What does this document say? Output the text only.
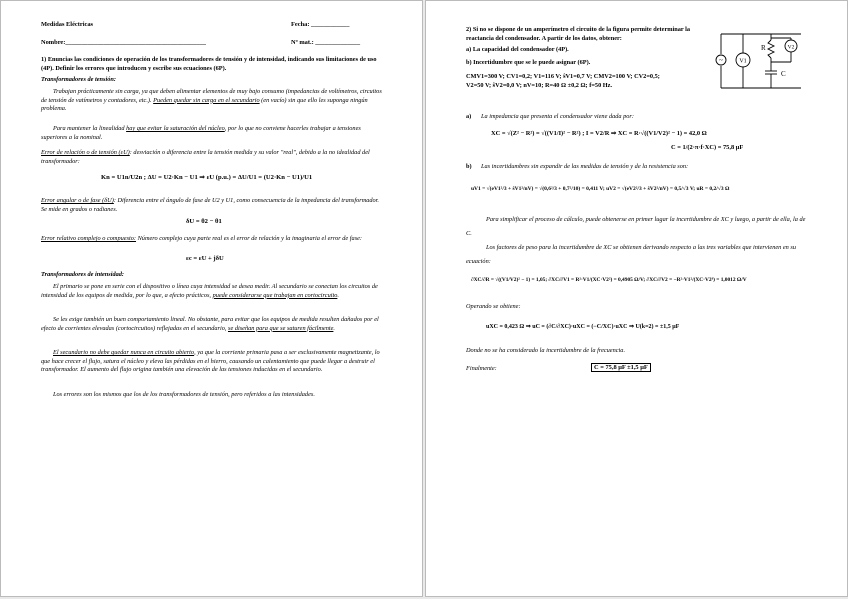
Medidas Eléctricas	Fecha: ____________
Nombre:____________________________________________	Nº mat.: ______________

1) Enuncias las condiciones de operación de los transformadores de tensión y de intensidad, indicando sus limitaciones de uso (4P). Definir los errores que introducen y escribe sus ecuaciones (6P).

Transformadores de tensión:

Trabajan prácticamente sin carga, ya que deben alimentar elementos de muy bajo consumo (impedancias de voltímetros, circuitos de tensión de vatímetros y contadores, etc.). Pueden quedar sin carga en el secundario (en vacío) sin que ello les suponga ningún problema.

Para mantener la linealidad hay que evitar la saturación del núcleo, por lo que no conviene hacerles trabajar a tensiones superiores a la nominal.

Error de relación o de tensión (εU): desviación o diferencia entre la tensión medida y su valor "real", debido a la no idealidad del transformador:

Kn = U1n/U2n ; ΔU = U2·Kn − U1 ⇒ εU (p.u.) = ΔU/U1 = (U2·Kn − U1)/U1

Error angular o de fase (δU): Diferencia entre el ángulo de fase de U2 y U1, como consecuencia de la impedancia del transformador. Se mide en grados o radianes.

δU = θ2 − θ1

Error relativo complejo o compuesto: Número complejo cuya parte real es el error de relación y la imaginaria el error de fase:

εc = εU + jδU

Transformadores de intensidad:

El primario se pone en serie con el dispositivo o línea cuya intensidad se desea medir. Al secundario se conectan los circuitos de intensidad de los equipos de medida, por lo que, a efecto prácticos, puede considerarse que trabajan en cortocircuito.

Se les exige también un buen comportamiento lineal. No obstante, para evitar que los equipos de medida resulten dañados por el efecto de corrientes elevadas (cortocircuitos) reflejadas en el secundario, se diseñan para que se saturen fácilmente.

El secundario no debe quedar nunca en circuito abierto, ya que la corriente primaria pasa a ser exclusivamente magnetizante, lo que hace crecer el flujo, satura el núcleo y eleva las pérdidas en el hierro, causando un calentamiento que puede llegar a destruir el transformador. El aumento del flujo origina también una elevación de las tensiones inducidas en el secundario.

Los errores son los mismos que los de los transformadores de tensión, pero referidos a las intensidades.

2) Si no se dispone de un amperímetro el circuito de la figura permite determinar la reactancia del condensador. A partir de los datos, obtener:

a) La capacidad del condensador (4P).

b) Incertidumbre que se le puede asignar (6P).

CMV1=300 V; CV1=0,2; V1=116 V; ŝV1=0,7 V; CMV2=100 V; CV2=0,5;

V2=50 V; ŝV2=0,0 V; nV=10; R=40 Ω ±0,2 Ω; f=50 Hz.

~	V1
V2
R
C

a) La impedancia que presenta el condensador viene dada por:

XC = √(Z² − R²) = √((V1/I)² − R²) ; I = V2/R ⇒ XC = R·√((V1/V2)² − 1) = 42,0 Ω
C = 1/(2·π·f·XC) = 75,8 μF

b) Las incertidumbres sin expandir de las medidas de tensión y de la resistencia son:

uV1 = √(eV1²/3 + ŝV1²/nV) = √(0,6²/3 + 0,7²/10) = 0,411 V; uV2 = √(eV2²/3 + ŝV2²/nV) = 0,5/√3 V; uR = 0,2/√3 Ω

Para simplificar el proceso de cálculo, puede obtenerse en primer lugar la incertidumbre de XC y luego, a partir de ella, la de C.

Los factores de peso para la incertidumbre de XC se obtienen derivando respecto a las tres variables que intervienen en su ecuación:

∂XC/∂R = √((V1/V2)² − 1) = 1,05; ∂XC/∂V1 = R²·V1/(XC·V2²) = 0,4905 Ω/V; ∂XC/∂V2 = −R²·V1²/(XC·V2³) = 1,0012 Ω/V

Operando se obtiene:

uXC = 0,423 Ω ⇒ uC = (∂C/∂XC)·uXC = (−C/XC)·uXC ⇒ U(k=2) = ±1,5 μF

Donde no se ha considerado la incertidumbre de la frecuencia.

Finalmente:	C = 75,8 μF ±1,5 μF
